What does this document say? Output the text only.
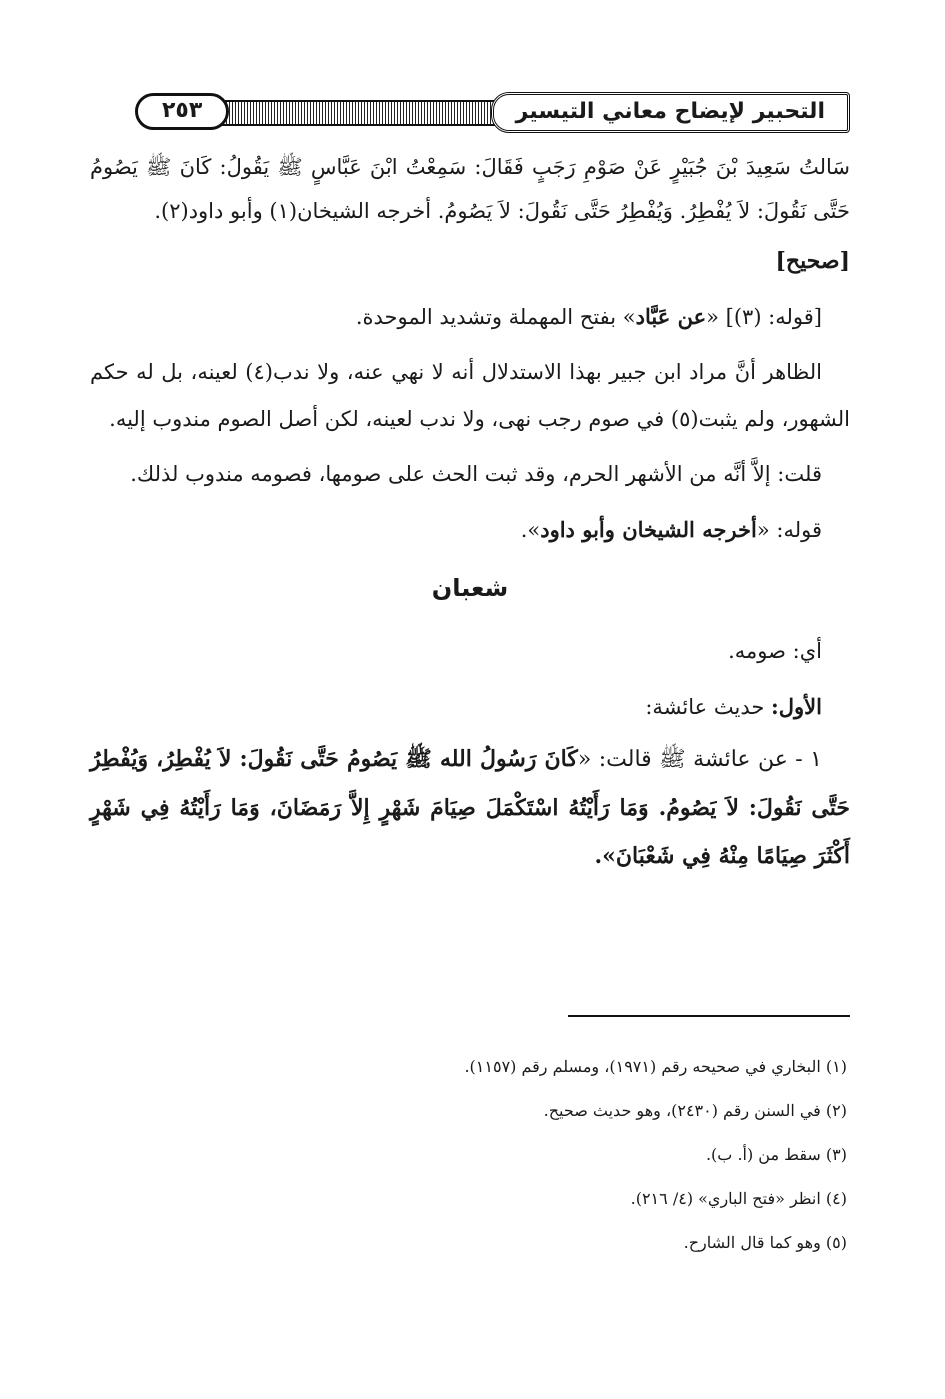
التحبير لإيضاح معاني التيسير
٢٥٣

سَالتُ سَعِيدَ بْنَ جُبَيْرٍ عَنْ صَوْمِ رَجَبٍ فَقَالَ: سَمِعْتُ ابْنَ عَبَّاسٍ ﷺ يَقُولُ: كَانَ ﷺ يَصُومُ حَتَّى نَقُولَ: لاَ يُفْطِرُ. وَيُفْطِرُ حَتَّى نَقُولَ: لاَ يَصُومُ. أخرجه الشيخان(١) وأبو داود(٢).

[صحيح]

[قوله: (٣)] «عن عَبَّاد» بفتح المهملة وتشديد الموحدة.

الظاهر أنَّ مراد ابن جبير بهذا الاستدلال أنه لا نهي عنه، ولا ندب(٤) لعينه، بل له حكم الشهور، ولم يثبت(٥) في صوم رجب نهى، ولا ندب لعينه، لكن أصل الصوم مندوب إليه.

قلت: إلاَّ أنَّه من الأشهر الحرم، وقد ثبت الحث على صومها، فصومه مندوب لذلك.

قوله: «أخرجه الشيخان وأبو داود».

شعبان

أي: صومه.

الأول: حديث عائشة:

١ - عن عائشة ﷺ قالت: «كَانَ رَسُولُ الله ﷺ يَصُومُ حَتَّى نَقُولَ: لاَ يُفْطِرُ، وَيُفْطِرُ حَتَّى نَقُولَ: لاَ يَصُومُ. وَمَا رَأَيْتُهُ اسْتَكْمَلَ صِيَامَ شَهْرٍ إِلاَّ رَمَضَانَ، وَمَا رَأَيْتُهُ فِي شَهْرٍ أَكْثَرَ صِيَامًا مِنْهُ فِي شَعْبَانَ».

(١) البخاري في صحيحه رقم (١٩٧١)، ومسلم رقم (١١٥٧).

(٢) في السنن رقم (٢٤٣٠)، وهو حديث صحيح.

(٣) سقط من (أ. ب).

(٤) انظر «فتح الباري» (٤/ ٢١٦).

(٥) وهو كما قال الشارح.
